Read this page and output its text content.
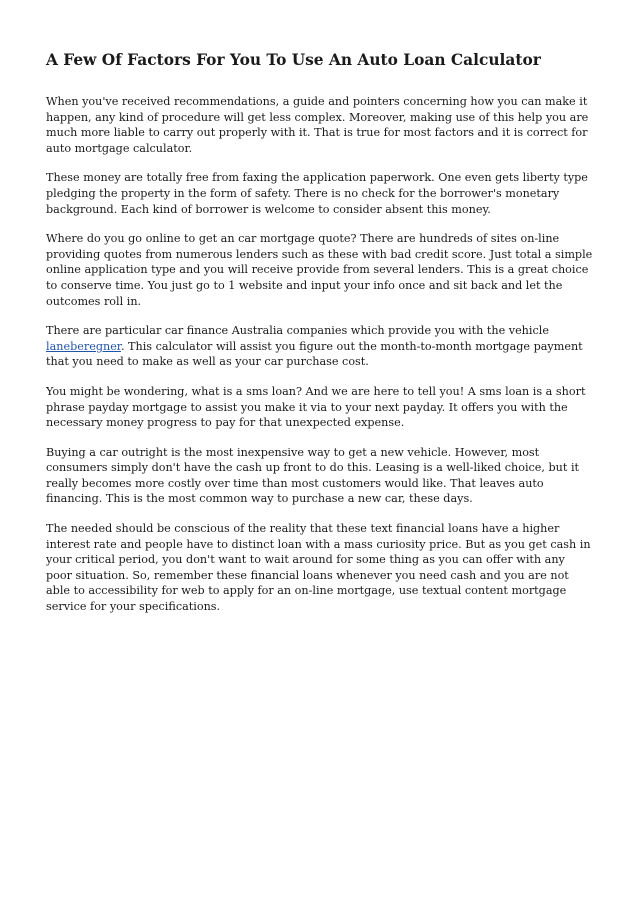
A Few Of Factors For You To Use An Auto Loan Calculator

When you've received recommendations, a guide and pointers concerning how you can make it happen, any kind of procedure will get less complex. Moreover, making use of this help you are much more liable to carry out properly with it. That is true for most factors and it is correct for auto mortgage calculator.

These money are totally free from faxing the application paperwork. One even gets liberty type pledging the property in the form of safety. There is no check for the borrower's monetary background. Each kind of borrower is welcome to consider absent this money.

Where do you go online to get an car mortgage quote? There are hundreds of sites on-line providing quotes from numerous lenders such as these with bad credit score. Just total a simple online application type and you will receive provide from several lenders. This is a great choice to conserve time. You just go to 1 website and input your info once and sit back and let the outcomes roll in.

There are particular car finance Australia companies which provide you with the vehicle laneberegner. This calculator will assist you figure out the month-to-month mortgage payment that you need to make as well as your car purchase cost.

You might be wondering, what is a sms loan? And we are here to tell you! A sms loan is a short phrase payday mortgage to assist you make it via to your next payday. It offers you with the necessary money progress to pay for that unexpected expense.

Buying a car outright is the most inexpensive way to get a new vehicle. However, most consumers simply don't have the cash up front to do this. Leasing is a well-liked choice, but it really becomes more costly over time than most customers would like. That leaves auto financing. This is the most common way to purchase a new car, these days.

The needed should be conscious of the reality that these text financial loans have a higher interest rate and people have to distinct loan with a mass curiosity price. But as you get cash in your critical period, you don't want to wait around for some thing as you can offer with any poor situation. So, remember these financial loans whenever you need cash and you are not able to accessibility for web to apply for an on-line mortgage, use textual content mortgage service for your specifications.
